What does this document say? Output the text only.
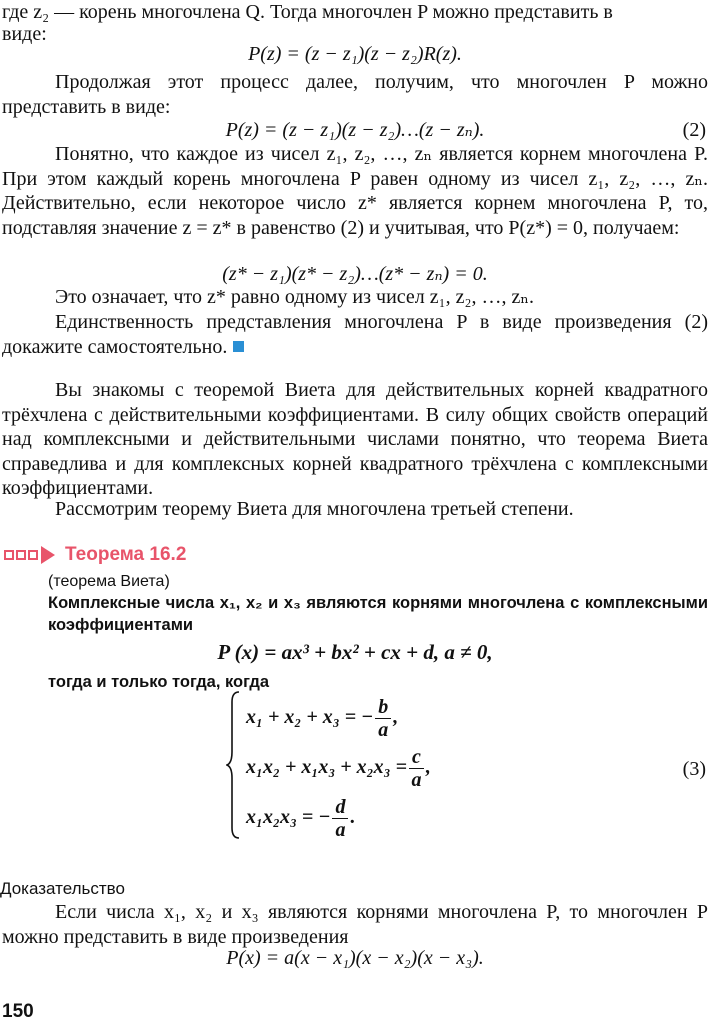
где z₂ — корень многочлена Q. Тогда многочлен P можно представить в
виде:
P(z) = (z − z₁)(z − z₂)R(z).
Продолжая этот процесс далее, получим, что многочлен P можно представить в виде:
P(z) = (z − z₁)(z − z₂)…(z − zₙ).	(2)
Понятно, что каждое из чисел z₁, z₂, …, zₙ является корнем многочлена P. При этом каждый корень многочлена P равен одному из чисел z₁, z₂, …, zₙ. Действительно, если некоторое число z* является корнем многочлена P, то, подставляя значение z = z* в равенство (2) и учитывая, что P(z*) = 0, получаем:
(z* − z₁)(z* − z₂)…(z* − zₙ) = 0.
Это означает, что z* равно одному из чисел z₁, z₂, …, zₙ.
Единственность представления многочлена P в виде произведения (2) докажите самостоятельно.
Вы знакомы с теоремой Виета для действительных корней квадратного трёхчлена с действительными коэффициентами. В силу общих свойств операций над комплексными и действительными числами понятно, что теорема Виета справедлива и для комплексных корней квадратного трёхчлена с комплексными коэффициентами.
Рассмотрим теорему Виета для многочлена третьей степени.
Теорема 16.2
(теорема Виета)
Комплексные числа x₁, x₂ и x₃ являются корнями многочлена с комплексными коэффициентами
P (x) = ax³ + bx² + cx + d, a ≠ 0,
тогда и только тогда, когда
x₁ + x₂ + x₃ = − $\frac{b}{a}$ ,
$x_1x_2 + x_1x_3 + x_2x_3 = \frac{c}{a}$ ,
x₁x₂x₃ = − $\frac{d}{a}$ .
(3)
Доказательство
Если числа x₁, x₂ и x₃ являются корнями многочлена P, то многочлен P можно представить в виде произведения
P(x) = a(x − x₁)(x − x₂)(x − x₃).
150
